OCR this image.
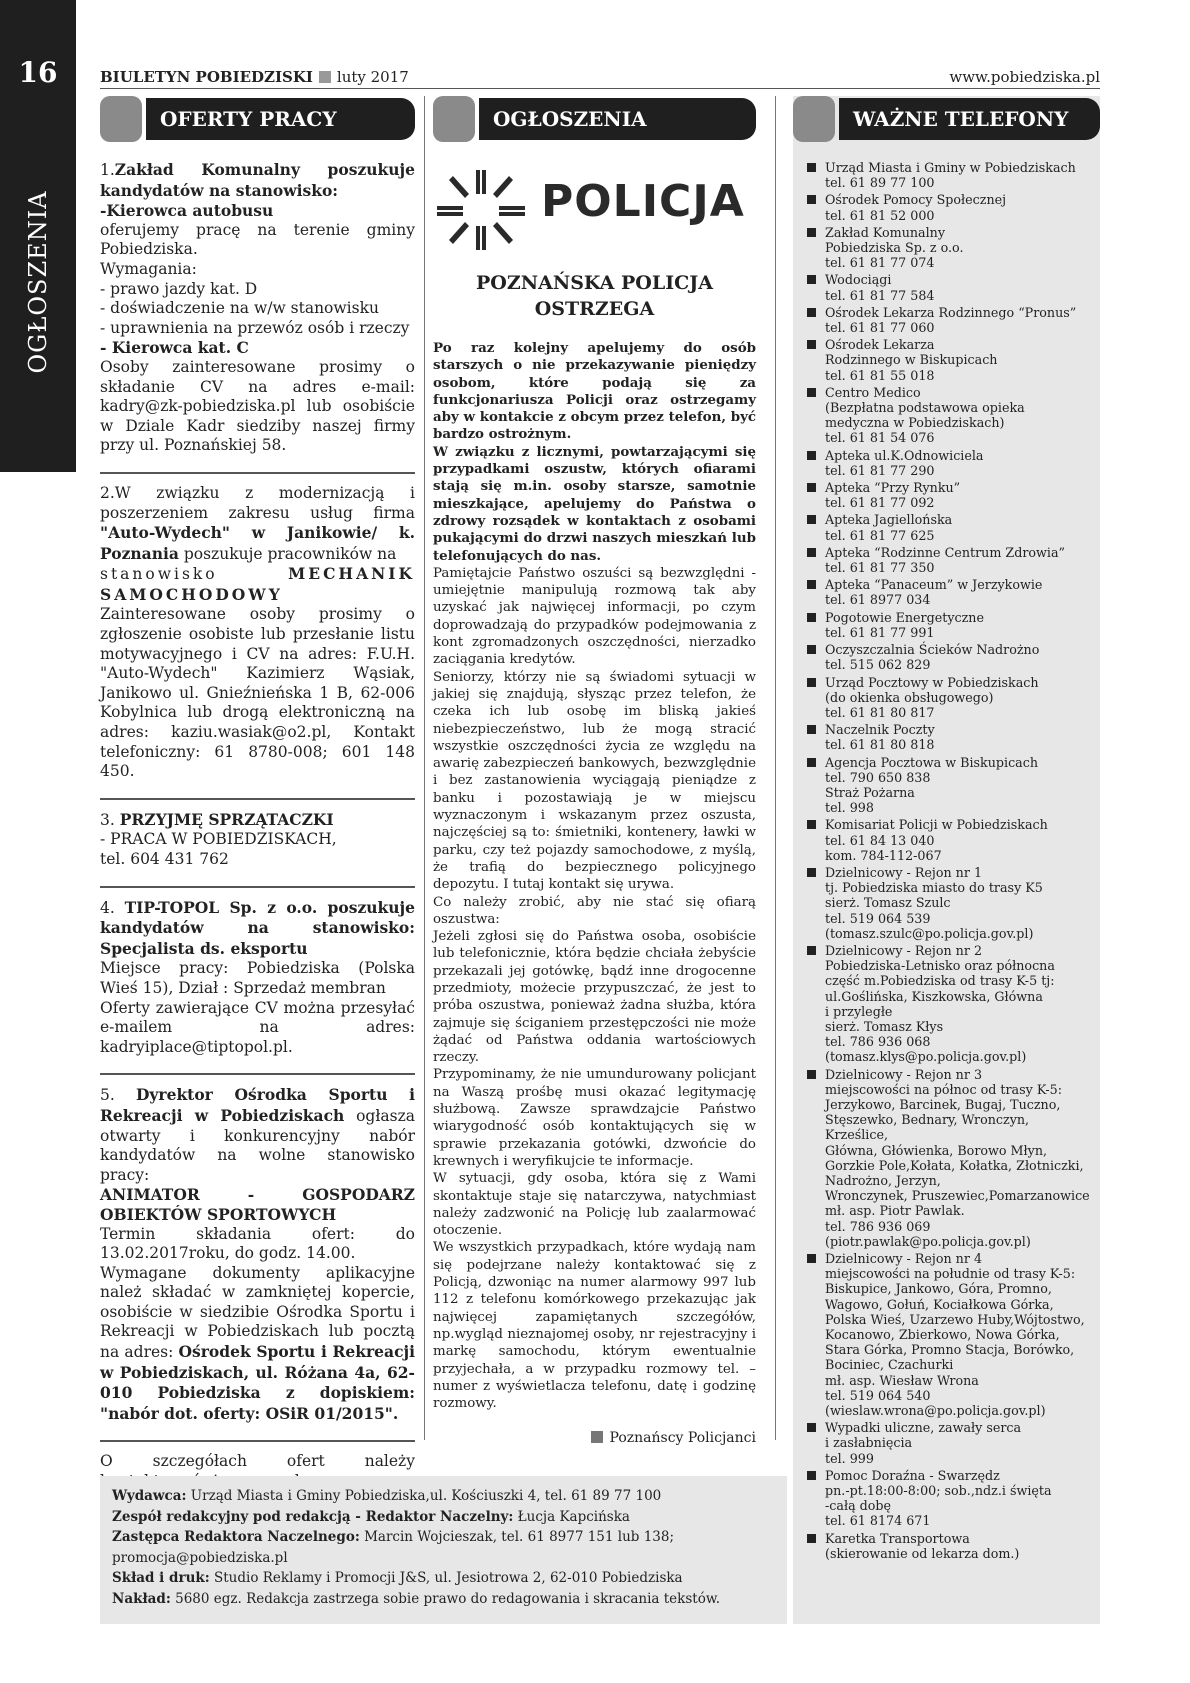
16
OGŁOSZENIA
BIULETYN POBIEDZISKI luty 2017	www.pobiedziska.pl
OFERTY PRACY

1.Zakład Komunalny poszukuje kandydatów na stanowisko:

-Kierowca autobusu

oferujemy pracę na terenie gminy Pobiedziska.

Wymagania:

- prawo jazdy kat. D

- doświadczenie na w/w stanowisku

- uprawnienia na przewóz osób i rzeczy

- Kierowca kat. C

Osoby zainteresowane prosimy o składanie CV na adres e-mail: kadry@zk-pobiedziska.pl lub osobiście w Dziale Kadr siedziby naszej firmy przy ul. Poznańskiej 58.

2.W związku z modernizacją i poszerzeniem zakresu usług firma "Auto-Wydech" w Janikowie/ k. Poznania poszukuje pracowników na

stanowisko MECHANIK SAMOCHODOWY

Zainteresowane osoby prosimy o zgłoszenie osobiste lub przesłanie listu motywacyjnego i CV na adres: F.U.H. "Auto-Wydech" Kazimierz Wąsiak, Janikowo ul. Gnieźnieńska 1 B, 62-006 Kobylnica lub drogą elektroniczną na adres: kaziu.wasiak@o2.pl, Kontakt telefoniczny: 61 8780-008; 601 148 450.

3. PRZYJMĘ SPRZĄTACZKI

- PRACA W POBIEDZISKACH,

tel. 604 431 762

4. TIP-TOPOL Sp. z o.o. poszukuje kandydatów na stanowisko: Specjalista ds. eksportu

Miejsce pracy: Pobiedziska (Polska Wieś 15), Dział : Sprzedaż membran

Oferty zawierające CV można przesyłać e-mailem na adres: kadryiplace@tiptopol.pl.

5. Dyrektor Ośrodka Sportu i Rekreacji w Pobiedziskach ogłasza otwarty i konkurencyjny nabór kandydatów na wolne stanowisko pracy:

ANIMATOR - GOSPODARZ OBIEKTÓW SPORTOWYCH

Termin składania ofert: do 13.02.2017roku, do godz. 14.00.

Wymagane dokumenty aplikacyjne należ składać w zamkniętej kopercie, osobiście w siedzibie Ośrodka Sportu i Rekreacji w Pobiedziskach lub pocztą na adres: Ośrodek Sportu i Rekreacji w Pobiedziskach, ul. Różana 4a, 62-010 Pobiedziska z dopiskiem: "nabór dot. oferty: OSiR 01/2015".

O szczegółach ofert należy

OGŁOSZENIA
POLICJA
POZNAŃSKA POLICJA
OSTRZEGA

Po raz kolejny apelujemy do osób starszych o nie przekazywanie pieniędzy osobom, które podają się za funkcjonariusza Policji oraz ostrzegamy aby w kontakcie z obcym przez telefon, być bardzo ostrożnym.

W związku z licznymi, powtarzającymi się przypadkami oszustw, których ofiarami stają się m.in. osoby starsze, samotnie mieszkające, apelujemy do Państwa o zdrowy rozsądek w kontaktach z osobami pukającymi do drzwi naszych mieszkań lub telefonujących do nas.

Pamiętajcie Państwo oszuści są bezwzględni - umiejętnie manipulują rozmową tak aby uzyskać jak najwięcej informacji, po czym doprowadzają do przypadków podejmowania z kont zgromadzonych oszczędności, nierzadko zaciągania kredytów.

Seniorzy, którzy nie są świadomi sytuacji w jakiej się znajdują, słysząc przez telefon, że czeka ich lub osobę im bliską jakieś niebezpieczeństwo, lub że mogą stracić wszystkie oszczędności życia ze względu na awarię zabezpieczeń bankowych, bezwzględnie i bez zastanowienia wyciągają pieniądze z banku i pozostawiają je w miejscu wyznaczonym i wskazanym przez oszusta, najczęściej są to: śmietniki, kontenery, ławki w parku, czy też pojazdy samochodowe, z myślą, że trafią do bezpiecznego policyjnego depozytu. I tutaj kontakt się urywa.

Co należy zrobić, aby nie stać się ofiarą oszustwa:

Jeżeli zgłosi się do Państwa osoba, osobiście lub telefonicznie, która będzie chciała żebyście przekazali jej gotówkę, bądź inne drogocenne przedmioty, możecie przypuszczać, że jest to próba oszustwa, ponieważ żadna służba, która zajmuje się ściganiem przestępczości nie może żądać od Państwa oddania wartościowych rzeczy.

Przypominamy, że nie umundurowany policjant na Waszą prośbę musi okazać legitymację służbową. Zawsze sprawdzajcie Państwo wiarygodność osób kontaktujących się w sprawie przekazania gotówki, dzwońcie do krewnych i weryfikujcie te informacje.

W sytuacji, gdy osoba, która się z Wami skontaktuje staje się natarczywa, natychmiast należy zadzwonić na Policję lub zaalarmować otoczenie.

We wszystkich przypadkach, które wydają nam się podejrzane należy kontaktować się z Policją, dzwoniąc na numer alarmowy 997 lub 112 z telefonu komórkowego przekazując jak najwięcej zapamiętanych szczegółów, np.wygląd nieznajomej osoby, nr rejestracyjny i markę samochodu, którym ewentualnie przyjechała, a w przypadku rozmowy tel. – numer z wyświetlacza telefonu, datę i godzinę rozmowy.

Poznańscy Policjanci
WAŻNE TELEFONY
Urząd Miasta i Gminy w Pobiedziskach
tel. 61 89 77 100
Ośrodek Pomocy Społecznej
tel. 61 81 52 000
Zakład Komunalny
Pobiedziska Sp. z o.o.
tel. 61 81 77 074
Wodociągi
tel. 61 81 77 584
Ośrodek Lekarza Rodzinnego “Pronus”
tel. 61 81 77 060
Ośrodek Lekarza
Rodzinnego w Biskupicach
tel. 61 81 55 018
Centro Medico
(Bezpłatna podstawowa opieka
medyczna w Pobiedziskach)
tel. 61 81 54 076
Apteka ul.K.Odnowiciela
tel. 61 81 77 290
Apteka “Przy Rynku”
tel. 61 81 77 092
Apteka Jagiellońska
tel. 61 81 77 625
Apteka “Rodzinne Centrum Zdrowia”
tel. 61 81 77 350
Apteka “Panaceum” w Jerzykowie
tel. 61 8977 034
Pogotowie Energetyczne
tel. 61 81 77 991
Oczyszczalnia Ścieków Nadrożno
tel. 515 062 829
Urząd Pocztowy w Pobiedziskach
(do okienka obsługowego)
tel. 61 81 80 817
Naczelnik Poczty
tel. 61 81 80 818
Agencja Pocztowa w Biskupicach
tel. 790 650 838
Straż Pożarna
tel. 998
Komisariat Policji w Pobiedziskach
tel. 61 84 13 040
kom. 784-112-067
Dzielnicowy - Rejon nr 1
tj. Pobiedziska miasto do trasy K5
sierż. Tomasz Szulc
tel. 519 064 539
(tomasz.szulc@po.policja.gov.pl)
Dzielnicowy - Rejon nr 2
Pobiedziska-Letnisko oraz północna
część m.Pobiedziska od trasy K-5 tj:
ul.Goślińska, Kiszkowska, Główna
i przyległe
sierż. Tomasz Kłys
tel. 786 936 068
(tomasz.klys@po.policja.gov.pl)
Dzielnicowy - Rejon nr 3
miejscowości na północ od trasy K-5:
Jerzykowo, Barcinek, Bugaj, Tuczno,
Stęszewko, Bednary, Wronczyn, Krześlice,
Główna, Główienka, Borowo Młyn,
Gorzkie Pole,Kołata, Kołatka, Złotniczki,
Nadrożno, Jerzyn,
Wronczynek, Pruszewiec,Pomarzanowice
mł. asp. Piotr Pawlak.
tel. 786 936 069
(piotr.pawlak@po.policja.gov.pl)
Dzielnicowy - Rejon nr 4
miejscowości na południe od trasy K-5:
Biskupice, Jankowo, Góra, Promno,
Wagowo, Gołuń, Kociałkowa Górka,
Polska Wieś, Uzarzewo Huby,Wójtostwo,
Kocanowo, Zbierkowo, Nowa Górka,
Stara Górka, Promno Stacja, Borówko,
Bociniec, Czachurki
mł. asp. Wiesław Wrona
tel. 519 064 540
(wieslaw.wrona@po.policja.gov.pl)
Wypadki uliczne, zawały serca
i zasłabnięcia
tel. 999
Pomoc Doraźna - Swarzędz
pn.-pt.18:00-8:00; sob.,ndz.i święta
-całą dobę
tel. 61 8174 671
Karetka Transportowa
(skierowanie od lekarza dom.)
Wydawca: Urząd Miasta i Gminy Pobiedziska,ul. Kościuszki 4, tel. 61 89 77 100
Zespół redakcyjny pod redakcją - Redaktor Naczelny: Łucja Kapcińska
Zastępca Redaktora Naczelnego: Marcin Wojcieszak, tel. 61 8977 151 lub 138;
promocja@pobiedziska.pl
Skład i druk: Studio Reklamy i Promocji J&S, ul. Jesiotrowa 2, 62-010 Pobiedziska
Nakład: 5680 egz. Redakcja zastrzega sobie prawo do redagowania i skracania tekstów.
